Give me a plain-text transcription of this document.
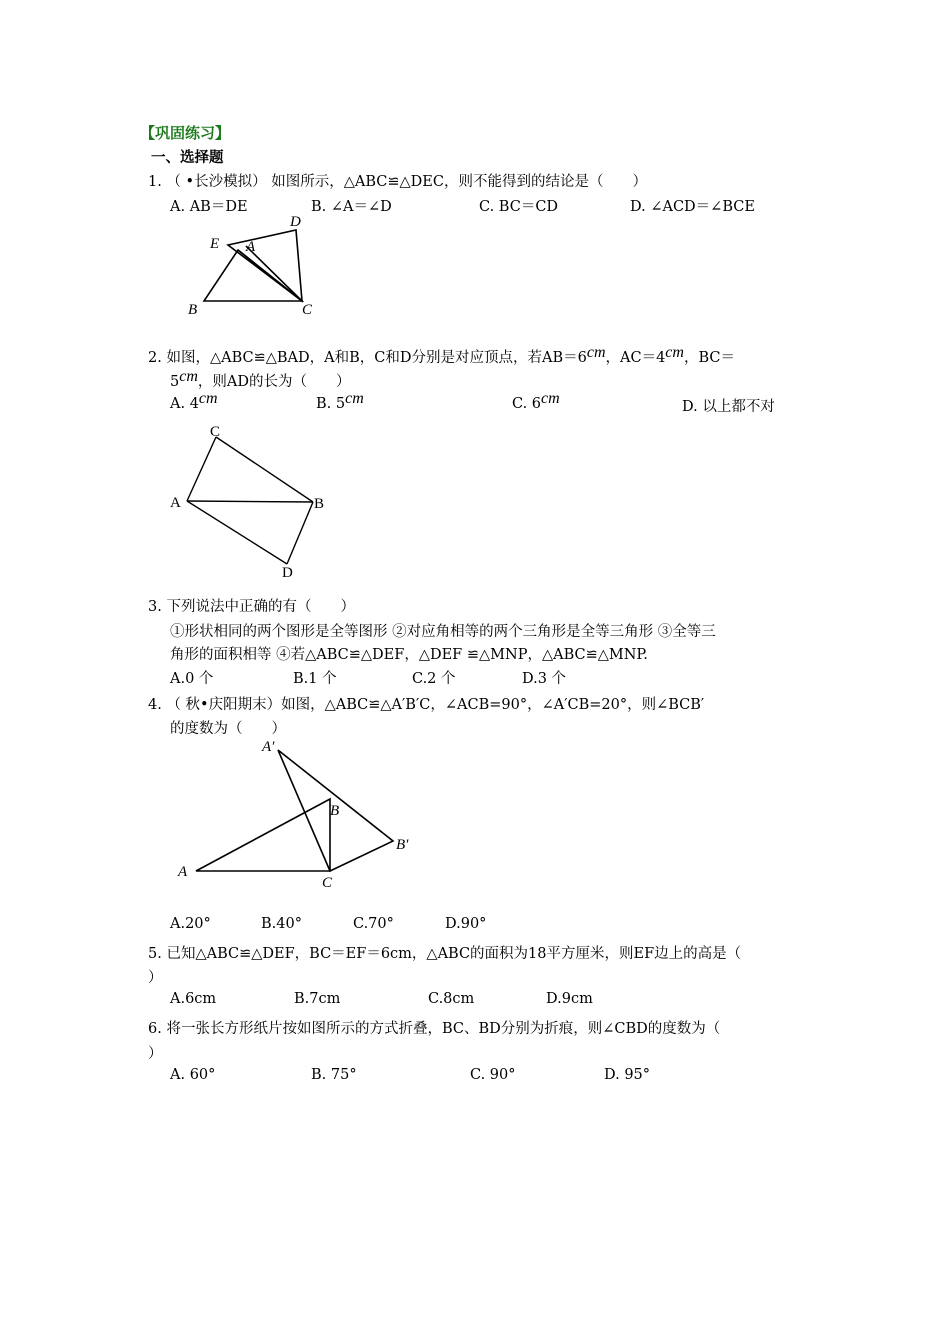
【巩固练习】
一、选择题
1. （ •长沙模拟） 如图所示，△ABC≌△DEC，则不能得到的结论是（　　）
A. AB＝DE	B. ∠A＝∠D	C. BC＝CD	D. ∠ACD＝∠BCE
E A
D
B	C
2. 如图，△ABC≌△BAD，A和B，C和D分别是对应顶点，若AB＝6cm，AC＝4cm，BC＝
5cm，则AD的长为（　　）
A. 4cm	B. 5cm	C. 6cm	D. 以上都不对
C
A	B
D
3. 下列说法中正确的有（　　）
①形状相同的两个图形是全等图形 ②对应角相等的两个三角形是全等三角形 ③全等三
角形的面积相等 ④若△ABC≌△DEF，△DEF ≌△MNP，△ABC≌△MNP.
A.0 个	B.1 个	C.2 个	D.3 个
4. （ 秋•庆阳期末）如图，△ABC≌△A′B′C，∠ACB=90°，∠A′CB=20°，则∠BCB′
的度数为（　　）
A′
B
B′
A
C
A.20°	B.40°	C.70°	D.90°
5. 已知△ABC≌△DEF，BC＝EF＝6cm，△ABC的面积为18平方厘米，则EF边上的高是（
）
A.6cm	B.7cm	C.8cm	D.9cm
6. 将一张长方形纸片按如图所示的方式折叠，BC、BD分别为折痕，则∠CBD的度数为（
）
A. 60°	B. 75°	C. 90°	D. 95°
